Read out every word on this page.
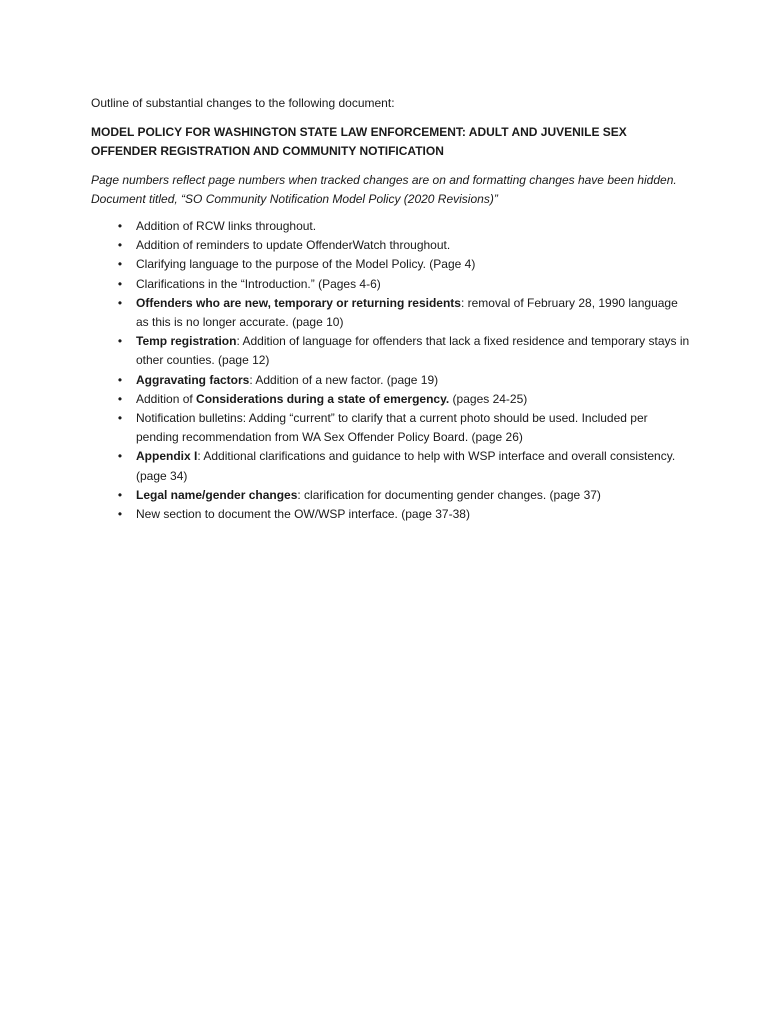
Outline of substantial changes to the following document:

MODEL POLICY FOR WASHINGTON STATE LAW ENFORCEMENT: ADULT AND JUVENILE SEX OFFENDER REGISTRATION AND COMMUNITY NOTIFICATION

Page numbers reflect page numbers when tracked changes are on and formatting changes have been hidden. Document titled, “SO Community Notification Model Policy (2020 Revisions)”

• Addition of RCW links throughout.
• Addition of reminders to update OffenderWatch throughout.
• Clarifying language to the purpose of the Model Policy. (Page 4)
• Clarifications in the “Introduction.” (Pages 4-6)
• Offenders who are new, temporary or returning residents: removal of February 28, 1990 language as this is no longer accurate. (page 10)
• Temp registration: Addition of language for offenders that lack a fixed residence and temporary stays in other counties. (page 12)
• Aggravating factors: Addition of a new factor. (page 19)
• Addition of Considerations during a state of emergency. (pages 24-25)
• Notification bulletins: Adding “current” to clarify that a current photo should be used. Included per pending recommendation from WA Sex Offender Policy Board. (page 26)
• Appendix I: Additional clarifications and guidance to help with WSP interface and overall consistency. (page 34)
• Legal name/gender changes: clarification for documenting gender changes. (page 37)
• New section to document the OW/WSP interface. (page 37-38)
